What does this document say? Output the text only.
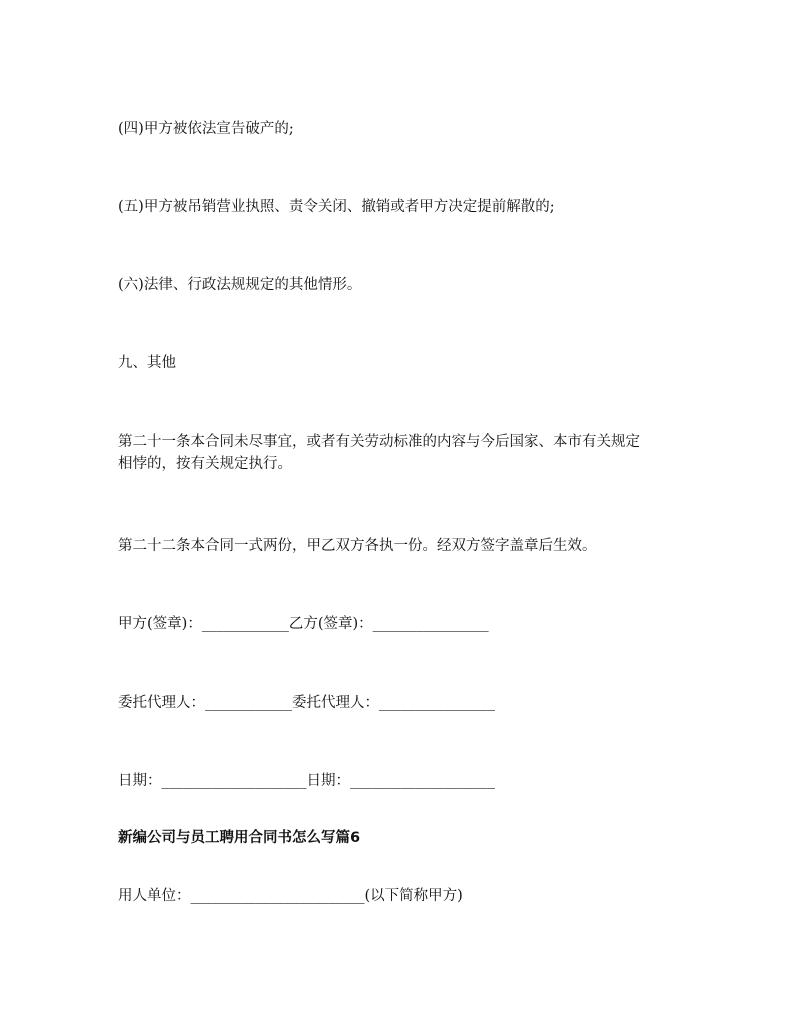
(四)甲方被依法宣告破产的;
(五)甲方被吊销营业执照、责令关闭、撤销或者甲方决定提前解散的;
(六)法律、行政法规规定的其他情形。
九、其他
第二十一条本合同未尽事宜，或者有关劳动标准的内容与今后国家、本市有关规定
相悖的，按有关规定执行。
第二十二条本合同一式两份，甲乙双方各执一份。经双方签字盖章后生效。
甲方(签章)：____________乙方(签章)：________________
委托代理人：____________委托代理人：________________
日期：____________________日期：____________________
新编公司与员工聘用合同书怎么写篇6
用人单位：________________________(以下简称甲方)
